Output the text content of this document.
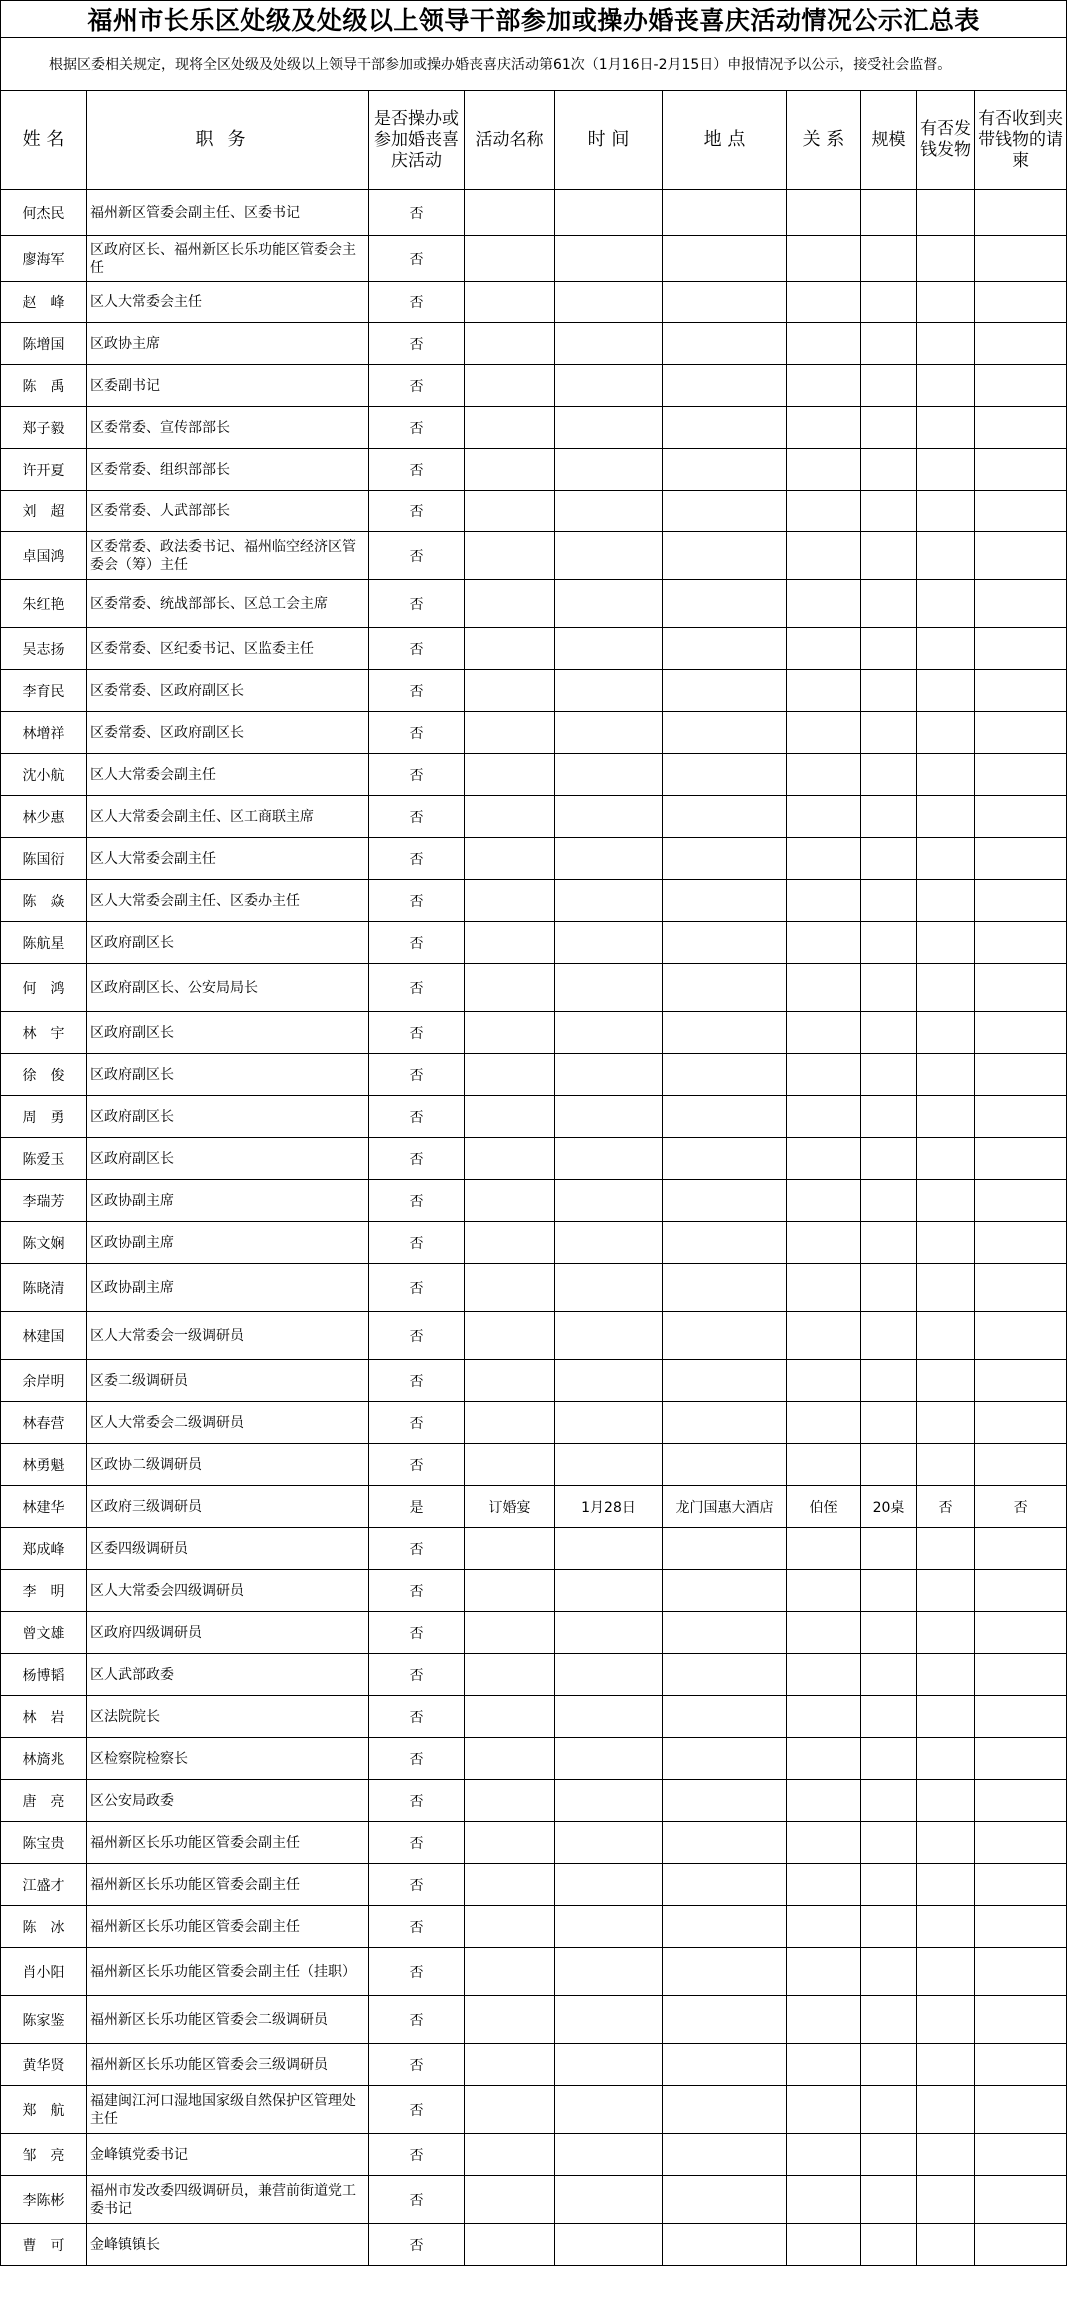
福州市长乐区处级及处级以上领导干部参加或操办婚丧喜庆活动情况公示汇总表									
根据区委相关规定，现将全区处级及处级以上领导干部参加或操办婚丧喜庆活动第61次（1月16日-2月15日）申报情况予以公示，接受社会监督。									
姓 名	职务	是否操办或参加婚丧喜庆活动	活动名称	时 间	地 点	关 系	规模	有否发钱发物	有否收到夹带钱物的请柬
何杰民	福州新区管委会副主任、区委书记	否							
廖海军	区政府区长、福州新区长乐功能区管委会主任	否							
赵　峰	区人大常委会主任	否							
陈增国	区政协主席	否							
陈　禹	区委副书记	否							
郑子毅	区委常委、宣传部部长	否							
许开夏	区委常委、组织部部长	否							
刘　超	区委常委、人武部部长	否							
卓国鸿	区委常委、政法委书记、福州临空经济区管委会（筹）主任	否							
朱红艳	区委常委、统战部部长、区总工会主席	否							
吴志扬	区委常委、区纪委书记、区监委主任	否							
李育民	区委常委、区政府副区长	否							
林增祥	区委常委、区政府副区长	否							
沈小航	区人大常委会副主任	否							
林少惠	区人大常委会副主任、区工商联主席	否							
陈国衍	区人大常委会副主任	否							
陈　焱	区人大常委会副主任、区委办主任	否							
陈航星	区政府副区长	否							
何　鸿	区政府副区长、公安局局长	否							
林　宇	区政府副区长	否							
徐　俊	区政府副区长	否							
周　勇	区政府副区长	否							
陈爱玉	区政府副区长	否							
李瑞芳	区政协副主席	否							
陈文娴	区政协副主席	否							
陈晓清	区政协副主席	否							
林建国	区人大常委会一级调研员	否							
余岸明	区委二级调研员	否							
林春营	区人大常委会二级调研员	否							
林勇魁	区政协二级调研员	否							
林建华	区政府三级调研员	是	订婚宴	1月28日	龙门国惠大酒店	伯侄	20桌	否	否
郑成峰	区委四级调研员	否							
李　明	区人大常委会四级调研员	否							
曾文雄	区政府四级调研员	否							
杨博韬	区人武部政委	否							
林　岩	区法院院长	否							
林旖兆	区检察院检察长	否							
唐　亮	区公安局政委	否							
陈宝贵	福州新区长乐功能区管委会副主任	否							
江盛才	福州新区长乐功能区管委会副主任	否							
陈　冰	福州新区长乐功能区管委会副主任	否							
肖小阳	福州新区长乐功能区管委会副主任（挂职）	否							
陈家鉴	福州新区长乐功能区管委会二级调研员	否							
黄华贤	福州新区长乐功能区管委会三级调研员	否							
郑　航	福建闽江河口湿地国家级自然保护区管理处主任	否							
邹　亮	金峰镇党委书记	否							
李陈彬	福州市发改委四级调研员，兼营前街道党工委书记	否							
曹　可	金峰镇镇长	否							
